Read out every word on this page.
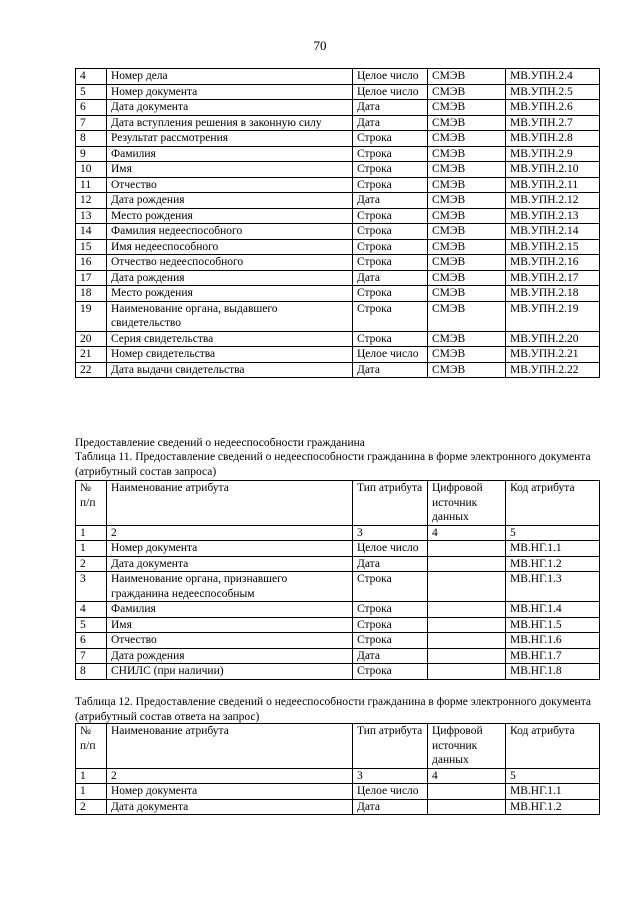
70
4	Номер дела	Целое число	СМЭВ	МВ.УПН.2.4
5	Номер документа	Целое число	СМЭВ	МВ.УПН.2.5
6	Дата документа	Дата	СМЭВ	МВ.УПН.2.6
7	Дата вступления решения в законную силу	Дата	СМЭВ	МВ.УПН.2.7
8	Результат рассмотрения	Строка	СМЭВ	МВ.УПН.2.8
9	Фамилия	Строка	СМЭВ	МВ.УПН.2.9
10	Имя	Строка	СМЭВ	МВ.УПН.2.10
11	Отчество	Строка	СМЭВ	МВ.УПН.2.11
12	Дата рождения	Дата	СМЭВ	МВ.УПН.2.12
13	Место рождения	Строка	СМЭВ	МВ.УПН.2.13
14	Фамилия недееспособного	Строка	СМЭВ	МВ.УПН.2.14
15	Имя недееспособного	Строка	СМЭВ	МВ.УПН.2.15
16	Отчество недееспособного	Строка	СМЭВ	МВ.УПН.2.16
17	Дата рождения	Дата	СМЭВ	МВ.УПН.2.17
18	Место рождения	Строка	СМЭВ	МВ.УПН.2.18
19	Наименование органа, выдавшего свидетельство	Строка	СМЭВ	МВ.УПН.2.19
20	Серия свидетельства	Строка	СМЭВ	МВ.УПН.2.20
21	Номер свидетельства	Целое число	СМЭВ	МВ.УПН.2.21
22	Дата выдачи свидетельства	Дата	СМЭВ	МВ.УПН.2.22
Предоставление сведений о недееспособности гражданина
Таблица 11. Предоставление сведений о недееспособности гражданина в форме электронного документа (атрибутный состав запроса)
№ п/п	Наименование атрибута	Тип атрибута	Цифровой источник данных	Код атрибута
1	2	3	4	5
1	Номер документа	Целое число		МВ.НГ.1.1
2	Дата документа	Дата		МВ.НГ.1.2
3	Наименование органа, признавшего гражданина недееспособным	Строка		МВ.НГ.1.3
4	Фамилия	Строка		МВ.НГ.1.4
5	Имя	Строка		МВ.НГ.1.5
6	Отчество	Строка		МВ.НГ.1.6
7	Дата рождения	Дата		МВ.НГ.1.7
8	СНИЛС (при наличии)	Строка		МВ.НГ.1.8
Таблица 12. Предоставление сведений о недееспособности гражданина в форме электронного документа (атрибутный состав ответа на запрос)
№ п/п	Наименование атрибута	Тип атрибута	Цифровой источник данных	Код атрибута
1	2	3	4	5
1	Номер документа	Целое число		МВ.НГ.1.1
2	Дата документа	Дата		МВ.НГ.1.2
